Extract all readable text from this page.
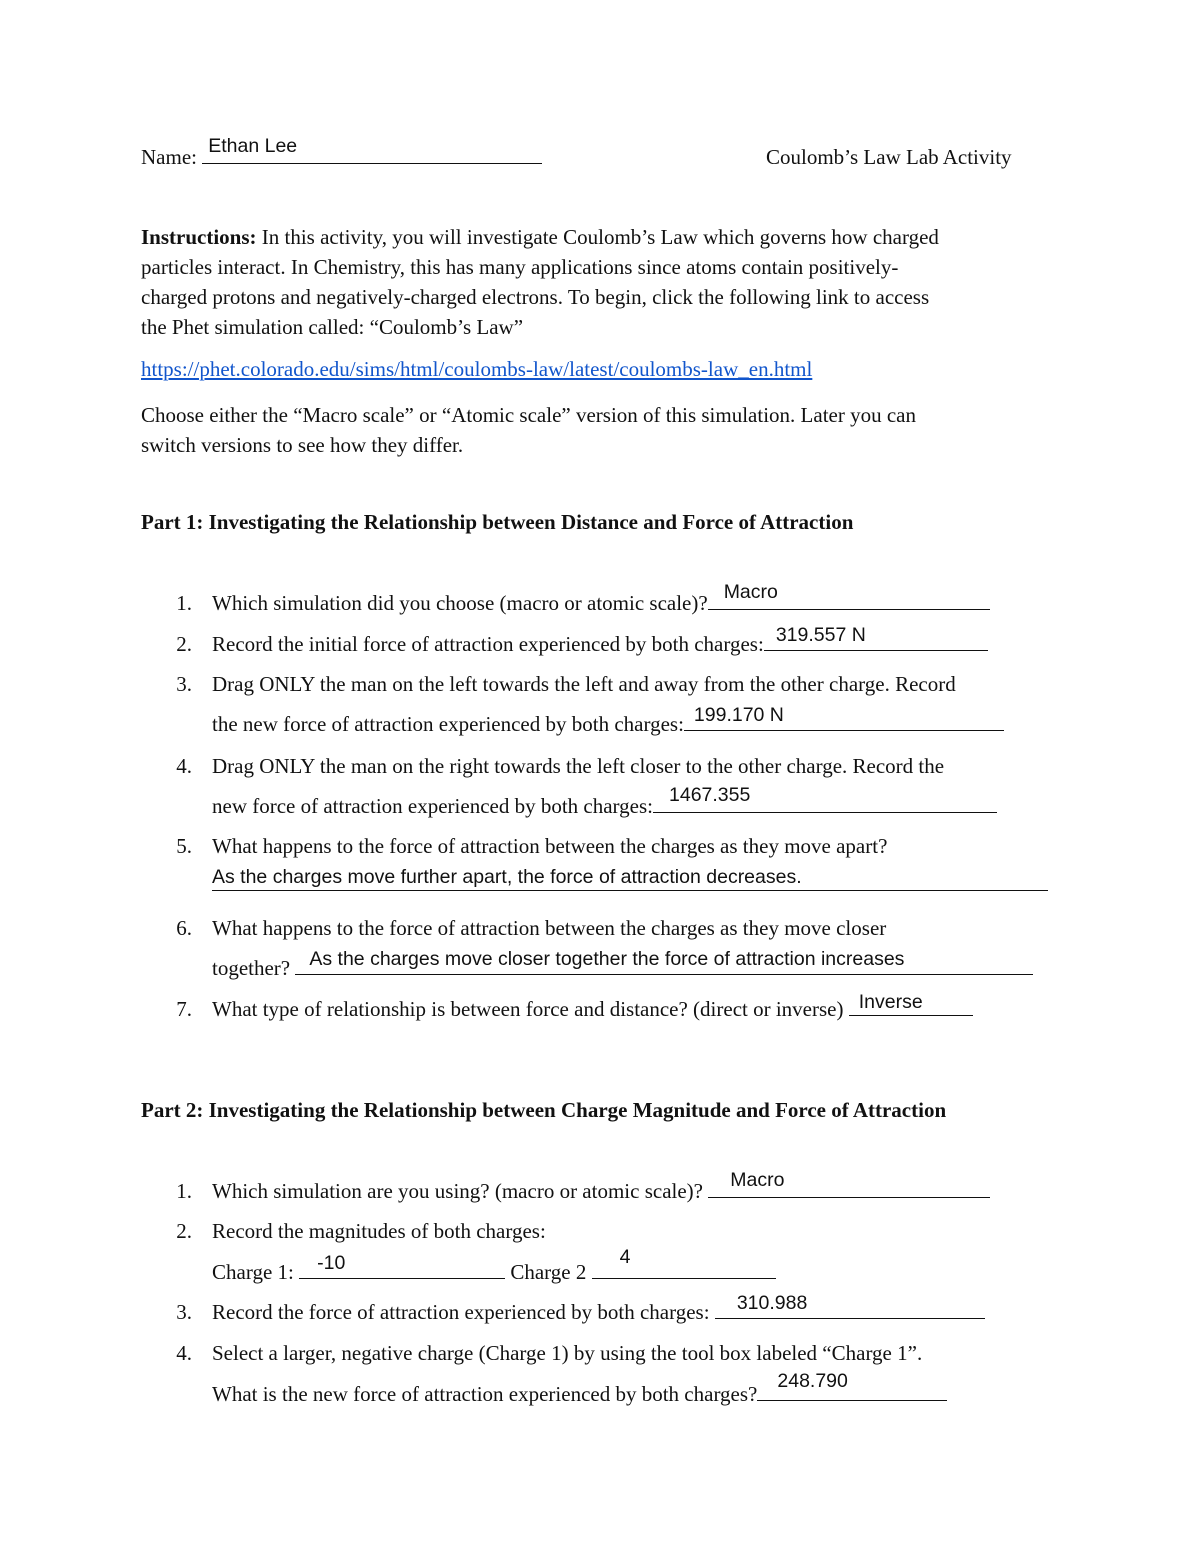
Name: Ethan Lee	Coulomb’s Law Lab Activity
Instructions: In this activity, you will investigate Coulomb’s Law which governs how charged
particles interact. In Chemistry, this has many applications since atoms contain positively-
charged protons and negatively-charged electrons. To begin, click the following link to access
the Phet simulation called: “Coulomb’s Law”
https://phet.colorado.edu/sims/html/coulombs-law/latest/coulombs-law_en.html
Choose either the “Macro scale” or “Atomic scale” version of this simulation. Later you can
switch versions to see how they differ.
Part 1: Investigating the Relationship between Distance and Force of Attraction
1. Which simulation did you choose (macro or atomic scale)? Macro
2. Record the initial force of attraction experienced by both charges: 319.557 N
3. Drag ONLY the man on the left towards the left and away from the other charge. Record
the new force of attraction experienced by both charges: 199.170 N
4. Drag ONLY the man on the right towards the left closer to the other charge. Record the
new force of attraction experienced by both charges: 1467.355
5. What happens to the force of attraction between the charges as they move apart?
As the charges move further apart, the force of attraction decreases.
6. What happens to the force of attraction between the charges as they move closer
together? As the charges move closer together the force of attraction increases
7. What type of relationship is between force and distance? (direct or inverse) Inverse
Part 2: Investigating the Relationship between Charge Magnitude and Force of Attraction
1. Which simulation are you using? (macro or atomic scale)? Macro
2. Record the magnitudes of both charges:
Charge 1: -10	Charge 2
4
3. Record the force of attraction experienced by both charges: 310.988
4. Select a larger, negative charge (Charge 1) by using the tool box labeled “Charge 1”.
What is the new force of attraction experienced by both charges?
248.790
